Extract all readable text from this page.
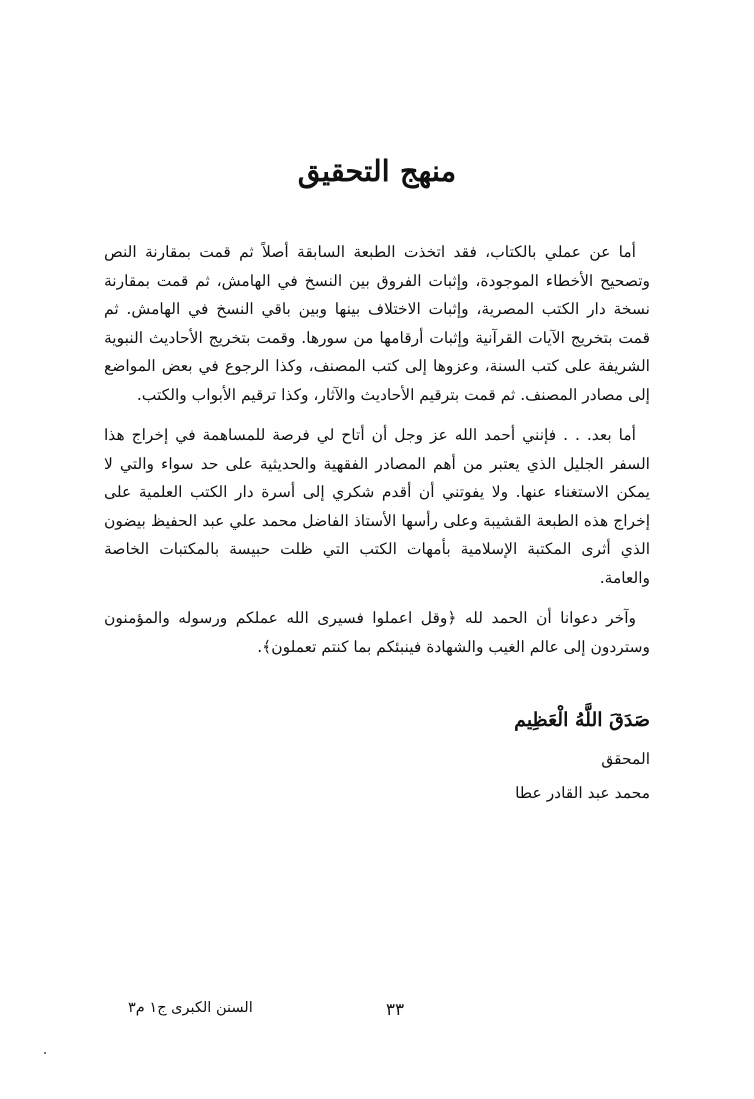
منهج التحقيق

أما عن عملي بالكتاب، فقد اتخذت الطبعة السابقة أصلاً ثم قمت بمقارنة النص وتصحيح الأخطاء الموجودة، وإثبات الفروق بين النسخ في الهامش، ثم قمت بمقارنة نسخة دار الكتب المصرية، وإثبات الاختلاف بينها وبين باقي النسخ في الهامش. ثم قمت بتخريج الآيات القرآنية وإثبات أرقامها من سورها. وقمت بتخريج الأحاديث النبوية الشريفة على كتب السنة، وعزوها إلى كتب المصنف، وكذا الرجوع في بعض المواضع إلى مصادر المصنف. ثم قمت بترقيم الأحاديث والآثار، وكذا ترقيم الأبواب والكتب.

أما بعد. . . فإنني أحمد الله عز وجل أن أتاح لي فرصة للمساهمة في إخراج هذا السفر الجليل الذي يعتبر من أهم المصادر الفقهية والحديثية على حد سواء والتي لا يمكن الاستغناء عنها. ولا يفوتني أن أقدم شكري إلى أسرة دار الكتب العلمية على إخراج هذه الطبعة القشيبة وعلى رأسها الأستاذ الفاضل محمد علي عبد الحفيظ بيضون الذي أثرى المكتبة الإسلامية بأمهات الكتب التي ظلت حبيسة بالمكتبات الخاصة والعامة.

وآخر دعوانا أن الحمد لله ﴿وقل اعملوا فسيرى الله عملكم ورسوله والمؤمنون وستردون إلى عالم الغيب والشهادة فينبئكم بما كنتم تعملون﴾.

صَدَقَ اللَّهُ الْعَظِيم

المحقق

محمد عبد القادر عطا

٣٣
السنن الكبرى ج١ م٣
